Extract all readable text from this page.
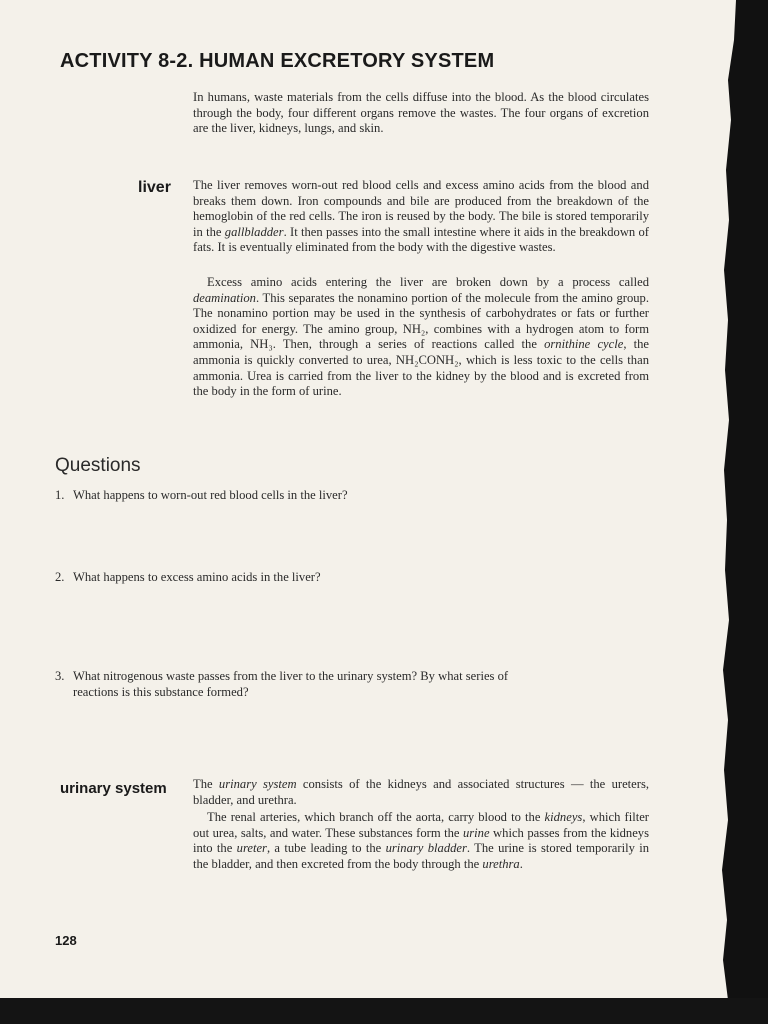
ACTIVITY 8-2. HUMAN EXCRETORY SYSTEM

In humans, waste materials from the cells diffuse into the blood. As the blood circulates through the body, four different organs remove the wastes. The four organs of excretion are the liver, kidneys, lungs, and skin.

liver The liver removes worn-out red blood cells and excess amino acids from the blood and breaks them down. Iron compounds and bile are produced from the breakdown of the hemoglobin of the red cells. The iron is reused by the body. The bile is stored temporarily in the gallbladder. It then passes into the small intestine where it aids in the breakdown of fats. It is eventually eliminated from the body with the digestive wastes.

Excess amino acids entering the liver are broken down by a process called deamination. This separates the nonamino portion of the molecule from the amino group. The nonamino portion may be used in the synthesis of carbohydrates or fats or further oxidized for energy. The amino group, NH₂, combines with a hydrogen atom to form ammonia, NH₃. Then, through a series of reactions called the ornithine cycle, the ammonia is quickly converted to urea, NH₂CONH₂, which is less toxic to the cells than ammonia. Urea is carried from the liver to the kidney by the blood and is excreted from the body in the form of urine.

Questions

1. What happens to worn-out red blood cells in the liver?

2. What happens to excess amino acids in the liver?

3. What nitrogenous waste passes from the liver to the urinary system? By what series of
reactions is this substance formed?

urinary system The urinary system consists of the kidneys and associated structures — the ureters, bladder, and urethra.

The renal arteries, which branch off the aorta, carry blood to the kidneys, which filter out urea, salts, and water. These substances form the urine which passes from the kidneys into the ureter, a tube leading to the urinary bladder. The urine is stored temporarily in the bladder, and then excreted from the body through the urethra.

128
